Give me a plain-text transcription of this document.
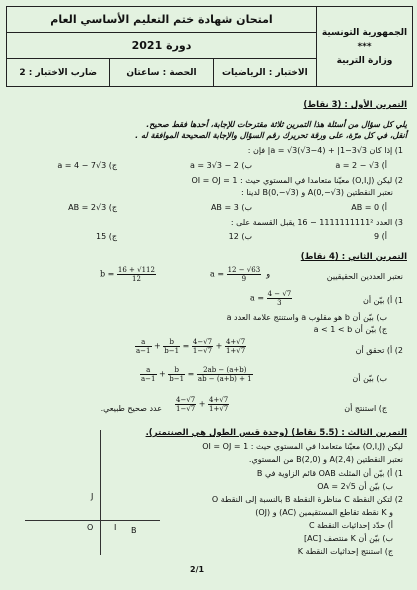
امتحان شهادة ختم التعليم الأساسي العام
دورة 2021
الاختبار : الرياضيات
الحصة : ساعتان
ضارب الاختبار : 2
الجمهورية التونسية
***
وزارة التربية
التمرين الأول : (3 نقاط)
يلي كل سؤال من أسئلة هذا التمرين ثلاثة مقترحات للإجابة، أحدها فقط صحيح.
أنقل، في كل مرّة، على ورقة تحريرك رقم السؤال والإجابة الصحيحة الموافقة له .
1) إذا كان a = √3(√3−4) + |1−3√3| فإن :
أ) a = 2 − √3
ب) a = 3√3 − 2
ج) a = 4 − 7√3
2) ليكن (O,I,J) معيّنا متعامدا في المستوي حيث : OI = OJ = 1
نعتبر النقطتين A(0,−√3) و B(0,−√3) لدينا :
أ) AB = 0
ب) AB = 3
ج) AB = 2√3
3) العدد 1111111111² − 16 يقبل القسمة على :
أ) 9
ب) 12
ج) 15
التمرين الثاني : (4 نقاط)
نعتبر العددين الحقيقيين
$a = \frac{12 - √63}{9}$ و
$b = \frac{16 + √112}{12}$
1) أ) بيّن أن
$a = \frac{4 - √7}{3}$
ب) بيّن أن b هو مقلوب a واستنتج علامة العدد a
ج) بيّن أن a < 1 < b
2) أ) تحقق أن
$\frac{a}{a-1} + \frac{b}{b-1} = \frac{4-√7}{1-√7} + \frac{4+√7}{1+√7}$
ب) بيّن أن
$\frac{a}{a-1} + \frac{b}{b-1} = \frac{2ab - (a+b)}{ab - (a+b) + 1}$
ج) استنتج أن
$\frac{4-√7}{1-√7} + \frac{4+√7}{1+√7}$
عدد صحيح طبيعي.
التمرين الثالث : (5.5 نقاط) (وحدة قيس الطول هي الصنتمتر).
ليكن (O,I,J) معيّنا متعامدا في المستوي حيث : OI = OJ = 1
نعتبر النقطتين A(2,4) و B(2,0) من المستوي.
1) أ) بيّن أن المثلث OAB قائم الزاوية في B
ب) بيّن أن OA = 2√5
2) لتكن النقطة C مناظرة النقطة B بالنسبة إلى النقطة O
و K نقطة تقاطع المستقيمين (AC) و (OJ)
أ) حدّد إحداثيات النقطة C
ب) بيّن أن K منتصف [AC]
ج) استنتج إحداثيات النقطة K
O	I B
J
2/1
